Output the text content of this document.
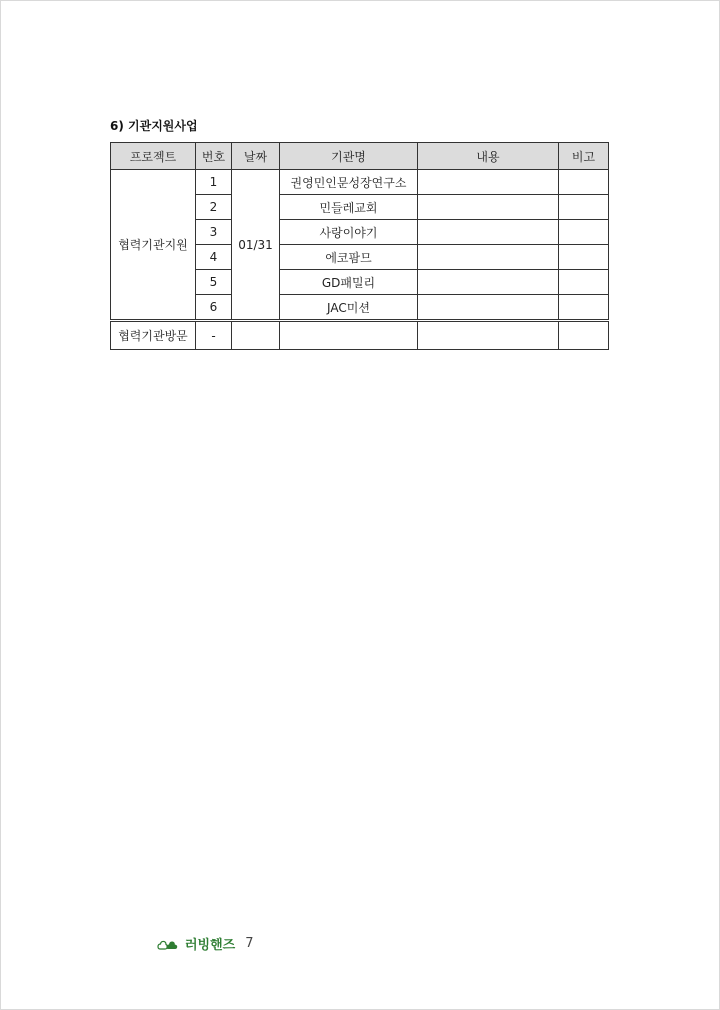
6) 기관지원사업
프로젝트	번호	날짜	기관명	내용	비고
협력기관지원	1	01/31	권영민인문성장연구소		
	2		민들레교회		
	3		사랑이야기		
	4		에코팜므		
	5		GD패밀리		
	6		JAC미션		
협력기관방문	-				
러빙핸즈 7
